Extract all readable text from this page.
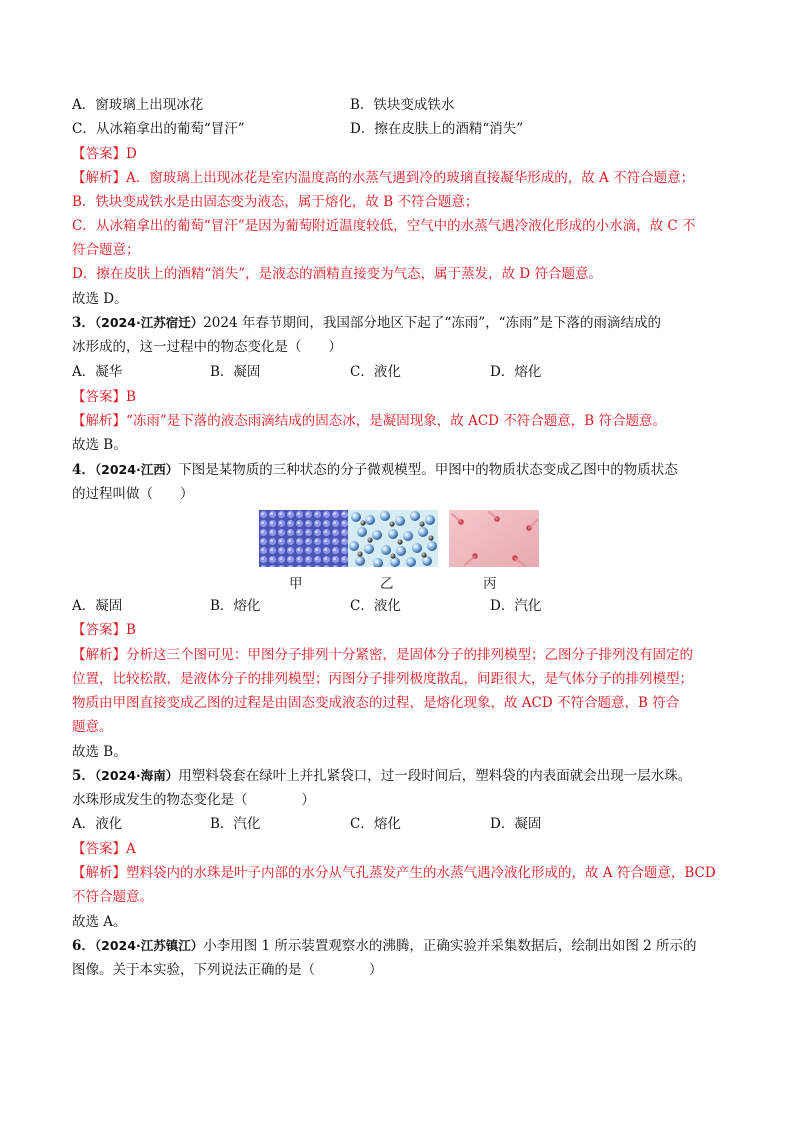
A．窗玻璃上出现冰花	B．铁块变成铁水
C．从冰箱拿出的葡萄“冒汗”	D．擦在皮肤上的酒精“消失”
【答案】D
【解析】A．窗玻璃上出现冰花是室内温度高的水蒸气遇到冷的玻璃直接凝华形成的，故 A 不符合题意；
B．铁块变成铁水是由固态变为液态，属于熔化，故 B 不符合题意；
C．从冰箱拿出的葡萄“冒汗”是因为葡萄附近温度较低，空气中的水蒸气遇冷液化形成的小水滴，故 C 不
符合题意；
D．擦在皮肤上的酒精“消失”，是液态的酒精直接变为气态，属于蒸发，故 D 符合题意。
故选 D。
3．（2024·江苏宿迁）2024 年春节期间，我国部分地区下起了“冻雨”，“冻雨”是下落的雨滴结成的
冰形成的，这一过程中的物态变化是（　　）
A．凝华	B．凝固	C．液化	D．熔化
【答案】B
【解析】“冻雨”是下落的液态雨滴结成的固态冰，是凝固现象，故 ACD 不符合题意，B 符合题意。
故选 B。
4．（2024·江西）下图是某物质的三种状态的分子微观模型。甲图中的物质状态变成乙图中的物质状态
的过程叫做（　　）
甲	乙	丙
A．凝固	B．熔化	C．液化	D．汽化
【答案】B
【解析】分析这三个图可见：甲图分子排列十分紧密，是固体分子的排列模型；乙图分子排列没有固定的
位置，比较松散，是液体分子的排列模型；丙图分子排列极度散乱，间距很大，是气体分子的排列模型；
物质由甲图直接变成乙图的过程是由固态变成液态的过程，是熔化现象，故 ACD 不符合题意，B 符合
题意。
故选 B。
5．（2024·海南）用塑料袋套在绿叶上并扎紧袋口，过一段时间后，塑料袋的内表面就会出现一层水珠。
水珠形成发生的物态变化是（　　　　）
A．液化	B．汽化	C．熔化	D．凝固
【答案】A
【解析】塑料袋内的水珠是叶子内部的水分从气孔蒸发产生的水蒸气遇冷液化形成的，故 A 符合题意，BCD
不符合题意。
故选 A。
6．（2024·江苏镇江）小李用图 1 所示装置观察水的沸腾，正确实验并采集数据后，绘制出如图 2 所示的
图像。关于本实验，下列说法正确的是（　　　　）
